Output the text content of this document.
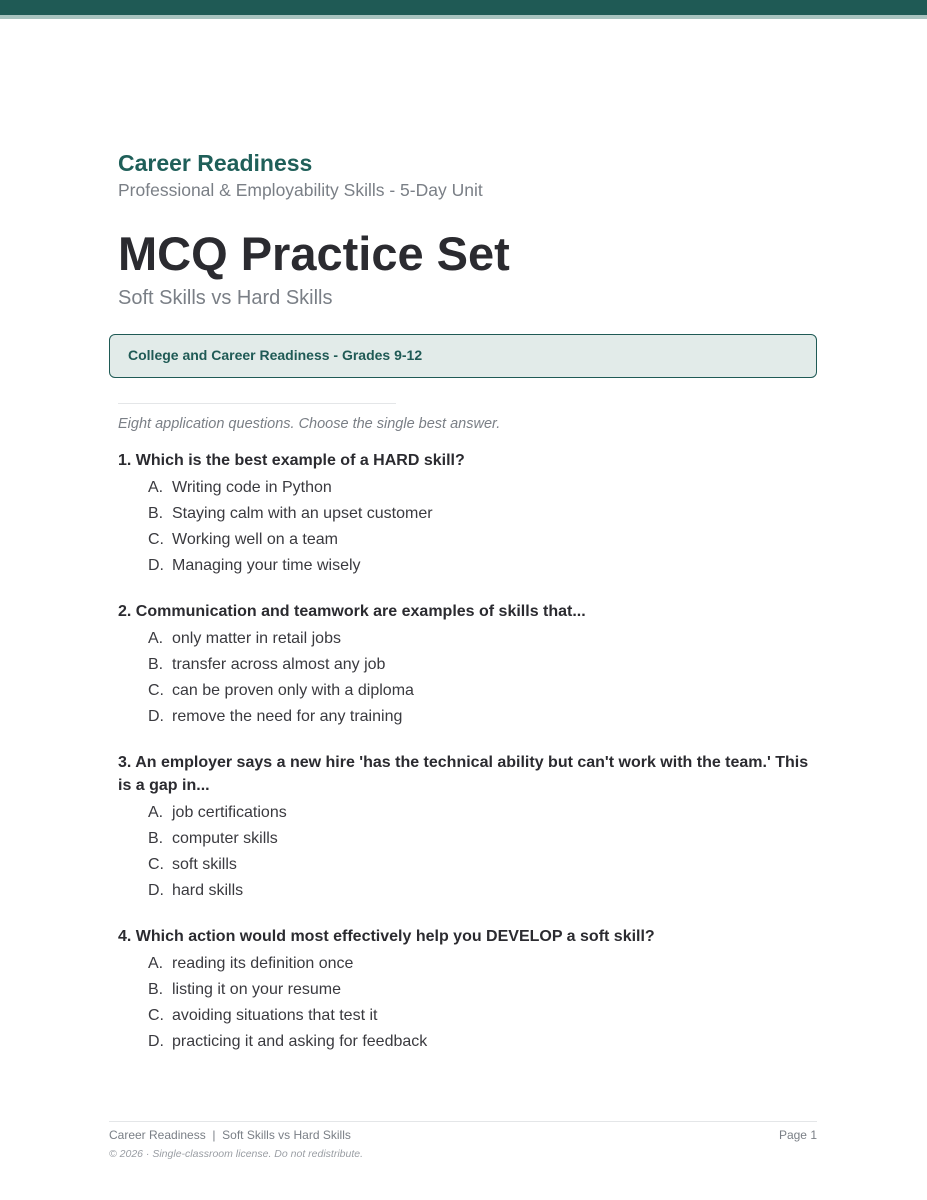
Career Readiness
Professional & Employability Skills - 5-Day Unit
MCQ Practice Set
Soft Skills vs Hard Skills
College and Career Readiness - Grades 9-12
Eight application questions. Choose the single best answer.
1. Which is the best example of a HARD skill?
A. Writing code in Python
B. Staying calm with an upset customer
C. Working well on a team
D. Managing your time wisely
2. Communication and teamwork are examples of skills that...
A. only matter in retail jobs
B. transfer across almost any job
C. can be proven only with a diploma
D. remove the need for any training
3. An employer says a new hire 'has the technical ability but can't work with the team.' This is a gap in...
A. job certifications
B. computer skills
C. soft skills
D. hard skills
4. Which action would most effectively help you DEVELOP a soft skill?
A. reading its definition once
B. listing it on your resume
C. avoiding situations that test it
D. practicing it and asking for feedback
Career Readiness  |  Soft Skills vs Hard Skills	Page 1
© 2026 · Single-classroom license. Do not redistribute.
